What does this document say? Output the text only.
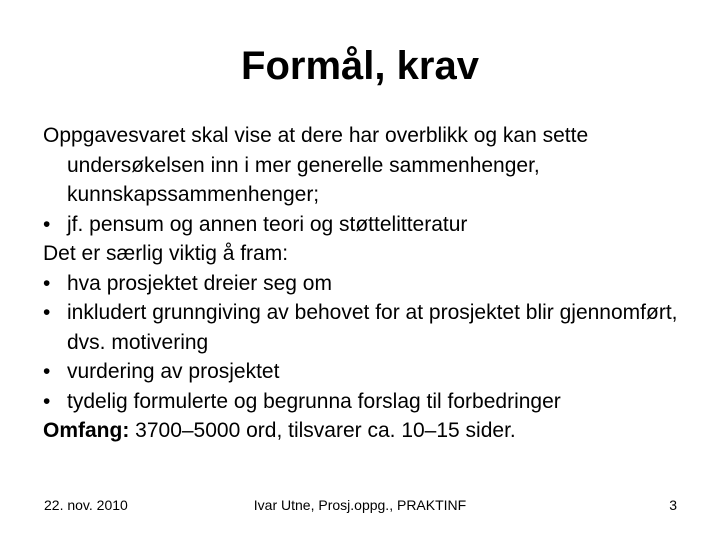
Formål, krav

Oppgavesvaret skal vise at dere har overblikk og kan sette undersøkelsen inn i mer generelle sammenhenger, kunnskapssammenhenger;

• jf. pensum og annen teori og støttelitteratur

Det er særlig viktig å fram:

• hva prosjektet dreier seg om

• inkludert grunngiving av behovet for at prosjektet blir gjennomført, dvs. motivering

• vurdering av prosjektet

• tydelig formulerte og begrunna forslag til forbedringer

Omfang: 3700–5000 ord, tilsvarer ca. 10–15 sider.

22. nov. 2010	Ivar Utne, Prosj.oppg., PRAKTINF	3
